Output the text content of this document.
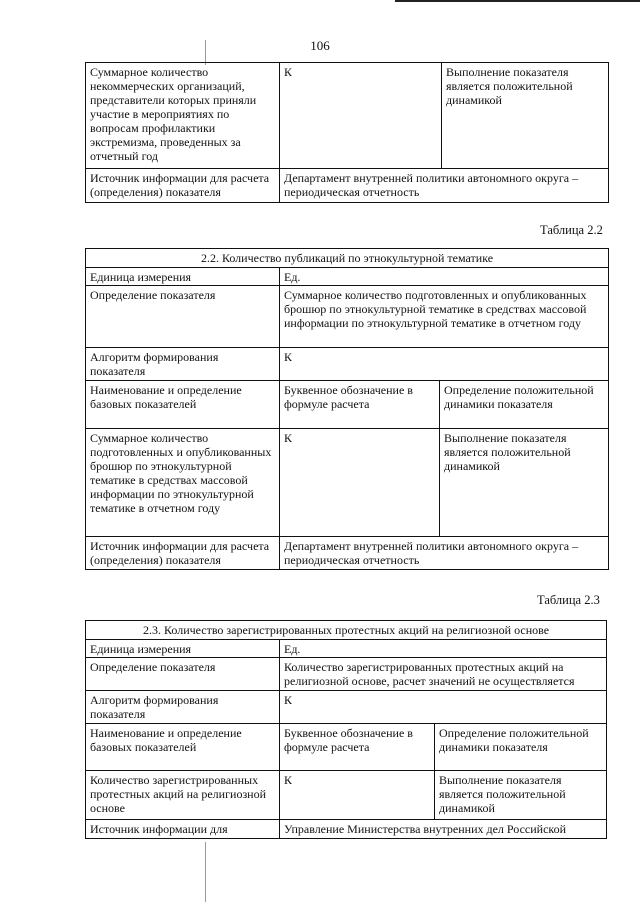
106
Суммарное количество некоммерческих организаций, представители которых приняли участие в мероприятиях по вопросам профилактики экстремизма, проведенных за отчетный год	К	Выполнение показателя является положительной динамикой
Источник информации для расчета (определения) показателя	Департамент внутренней политики автономного округа – периодическая отчетность	
Таблица 2.2
2.2. Количество публикаций по этнокультурной тематике		
Единица измерения	Ед.	
Определение показателя	Суммарное количество подготовленных и опубликованных брошюр по этнокультурной тематике в средствах массовой информации по этнокультурной тематике в отчетном году	
Алгоритм формирования показателя	К	
Наименование и определение базовых показателей	Буквенное обозначение в формуле расчета	Определение положительной динамики показателя
Суммарное количество подготовленных и опубликованных брошюр по этнокультурной тематике в средствах массовой информации по этнокультурной тематике в отчетном году	К	Выполнение показателя является положительной динамикой
Источник информации для расчета (определения) показателя	Департамент внутренней политики автономного округа – периодическая отчетность	
Таблица 2.3
2.3. Количество зарегистрированных протестных акций на религиозной основе		
Единица измерения	Ед.	
Определение показателя	Количество зарегистрированных протестных акций на религиозной основе, расчет значений не осуществляется	
Алгоритм формирования показателя	К	
Наименование и определение базовых показателей	Буквенное обозначение в формуле расчета	Определение положительной динамики показателя
Количество зарегистрированных протестных акций на религиозной основе	К	Выполнение показателя является положительной динамикой
Источник информации для	Управление Министерства внутренних дел Российской	
